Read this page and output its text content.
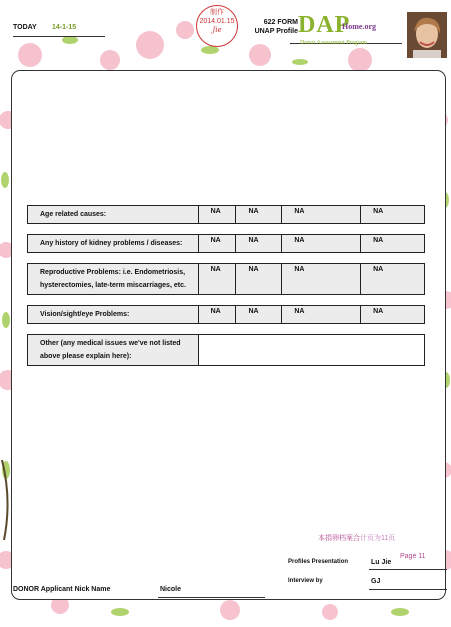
TODAY 14-1-15
制作
2014.01.15
Jie
622 FORM
UNAP Profile DAP
Home.org
Donor Assessment Program
Age related causes:	NA	NA	NA	NA

Any history of kidney problems / diseases:	NA	NA	NA	NA

Reproductive Problems: i.e. Endometriosis, hysterectomies, late-term miscarriages, etc.	NA	NA	NA	NA

Vision/sight/eye Problems:	NA	NA	NA	NA

Other (any medical issues we've not listed above please explain here):				
本捐卵档案合计页为11页
Profiles Presentation	Lu Jie
Page 11
Interview by	GJ
DONOR Applicant Nick Name	Nicole
